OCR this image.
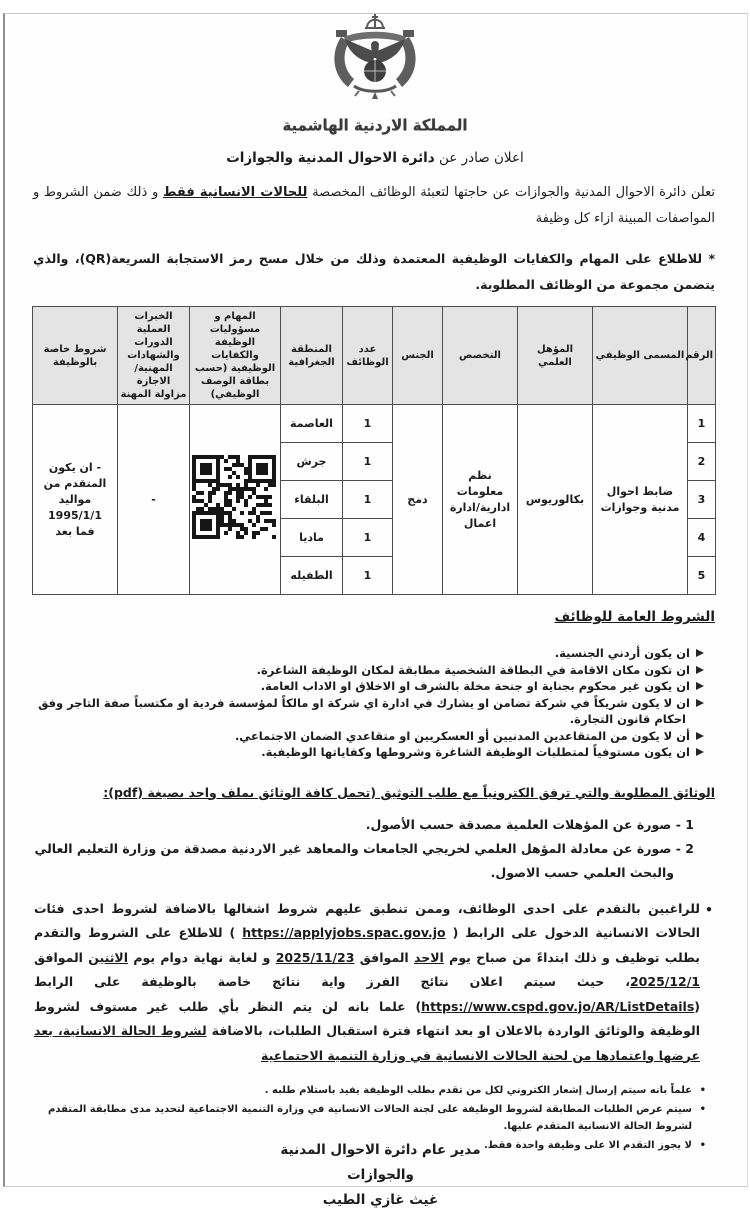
المملكة الاردنية الهاشمية
اعلان صادر عن دائرة الاحوال المدنية والجوازات
تعلن دائرة الاحوال المدنية والجوازات عن حاجتها لتعبئة الوظائف المخصصة للحالات الانسانية فقط و ذلك ضمن الشروط و المواصفات المبينة ازاء كل وظيفة
* للاطلاع على المهام والكفايات الوظيفية المعتمدة وذلك من خلال مسح رمز الاستجابة السريعة(QR)، والذي يتضمن مجموعة من الوظائف المطلوبة.
الرقم	المسمى الوظيفي	المؤهل العلمي	التخصص	الجنس	عدد الوظائف	المنطقة الجغرافية	المهام و مسؤوليات الوظيفة والكفايات الوظيفية (حسب بطاقة الوصف الوظيفي)	الخبرات العملية الدورات والشهادات المهنية/الاجازة مزاولة المهنة	شروط خاصة بالوظيفة
1	ضابط احوال مدنية وجوازات	بكالوريوس	نظم معلومات ادارية/ادارة اعمال	دمج	1	العاصمة		-	- ان يكون المتقدم من مواليد 1995/1/1 فما بعد
2					1	جرش			
3					1	البلقاء			
4					1	ماديا			
5					1	الطفيله			
الشروط العامة للوظائف
ان يكون أردني الجنسية.
ان تكون مكان الاقامة في البطاقة الشخصية مطابقة لمكان الوظيفة الشاغرة.
ان يكون غير محكوم بجناية او جنحة مخلة بالشرف او الاخلاق او الاداب العامة.
ان لا يكون شريكاً في شركة تضامن او يشارك في ادارة اي شركة او مالكاً لمؤسسة فردية او مكتسباً صفة التاجر وفق احكام قانون التجارة.
أن لا يكون من المتقاعدين المدنيين أو العسكريين او متقاعدي الضمان الاجتماعي.
ان يكون مستوفياً لمتطلبات الوظيفة الشاغرة وشروطها وكفاياتها الوظيفية.
الوثائق المطلوبة والتي ترفق الكترونياً مع طلب التوثيق (تحمل كافة الوثائق بملف واحد بصيغة (pdf):
1 - صورة عن المؤهلات العلمية مصدقة حسب الأصول.
2 - صورة عن معادلة المؤهل العلمي لخريجي الجامعات والمعاهد غير الاردنية مصدقة من وزارة التعليم العالي والبحث العلمي حسب الاصول.
•
للراغبين بالتقدم على احدى الوظائف، وممن تنطبق عليهم شروط اشغالها بالاضافة لشروط احدى فئات الحالات الانسانية الدخول على الرابط ( https://applyjobs.spac.gov.jo ) للاطلاع على الشروط والتقدم بطلب توظيف و ذلك ابتداءً من صباح يوم الاحد الموافق 2025/11/23 و لغاية نهاية دوام يوم الاثنين الموافق 2025/12/1، حيث سيتم اعلان نتائج الفرز واية نتائج خاصة بالوظيفة على الرابط (https://www.cspd.gov.jo/AR/ListDetails) علما بانه لن يتم النظر بأي طلب غير مستوف لشروط الوظيفة والوثائق الواردة بالاعلان او بعد انتهاء فترة استقبال الطلبات، بالاضافة لشروط الحالة الانسانية، بعد عرضها واعتمادها من لجنة الحالات الانسانية في وزارة التنمية الاجتماعية
•علماً بانه سيتم إرسال إشعار الكتروني لكل من تقدم بطلب الوظيفة يفيد باستلام طلبه .
•سيتم عرض الطلبات المطابقة لشروط الوظيفة على لجنة الحالات الانسانية في وزارة التنمية الاجتماعية لتحديد مدى مطابقة المتقدم لشروط الحالة الانسانية المتقدم عليها.
•لا يجوز التقدم الا على وظيفة واحدة فقط.
مدير عام دائرة الاحوال المدنية والجوازات
غيث غازي الطيب
